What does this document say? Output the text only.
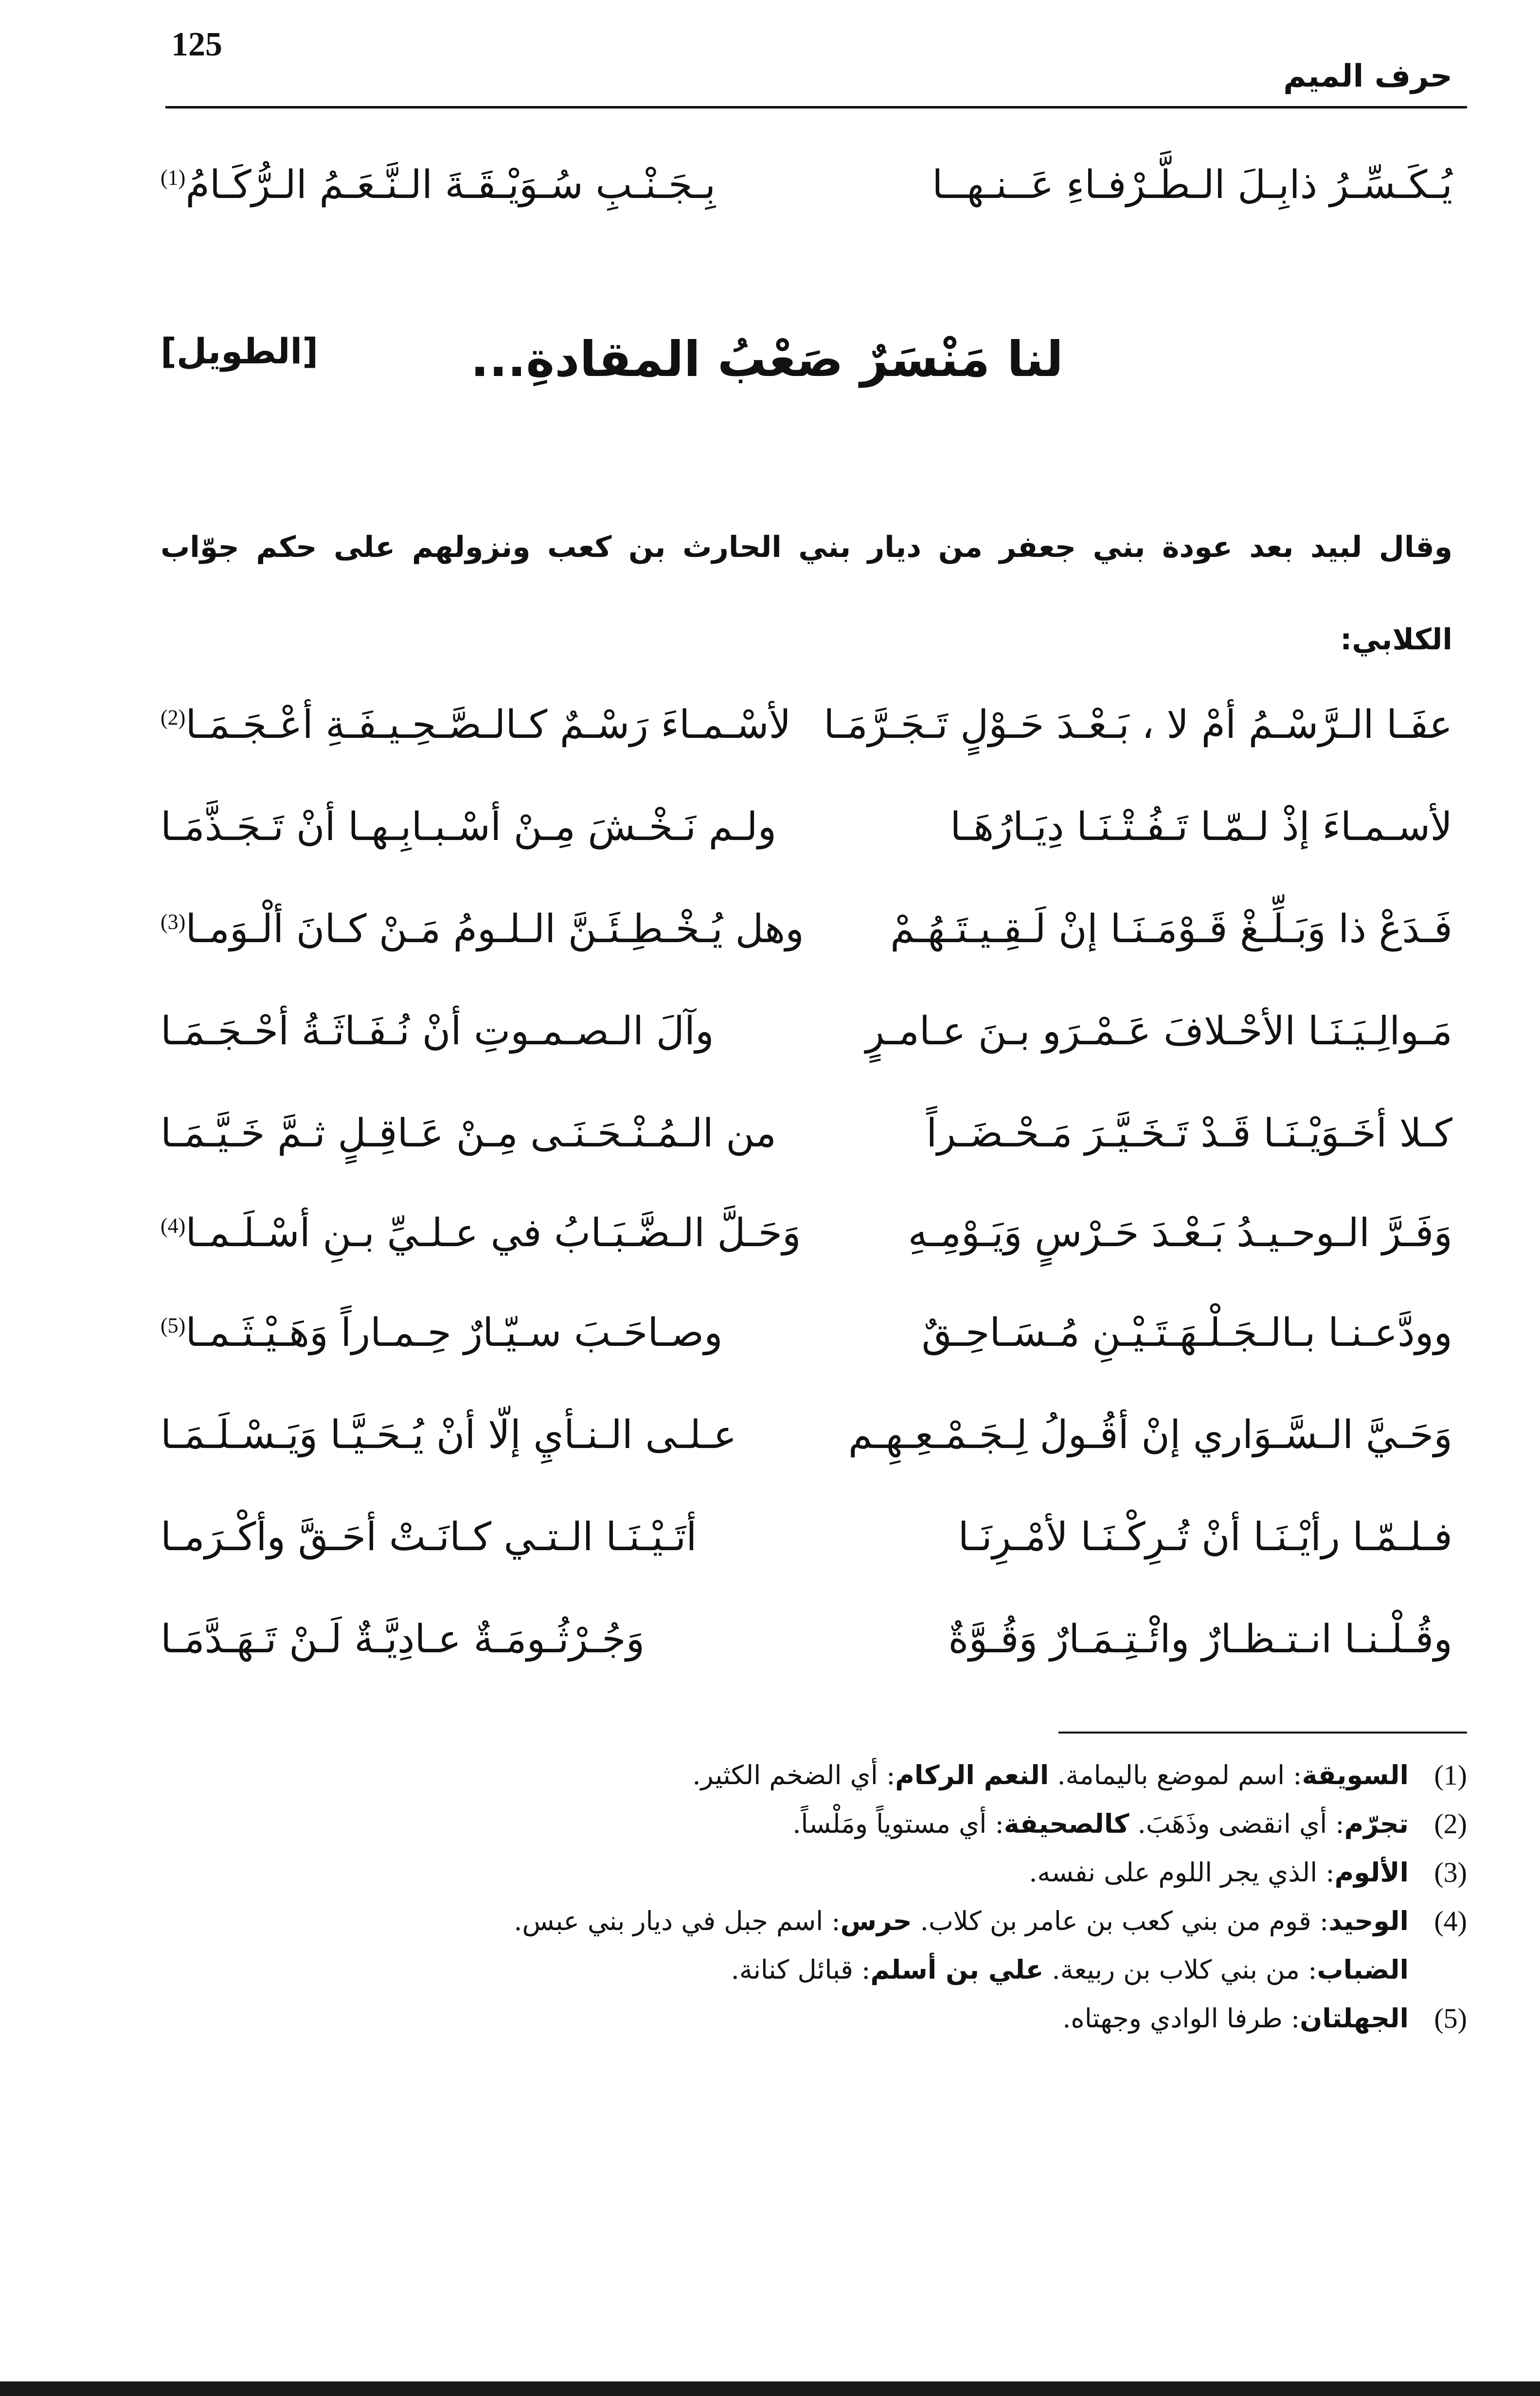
125
حرف الميم
يُـكَـسِّـرُ ذابِـلَ الـطَّـرْفـاءِ عَــنـهــا
بِـجَـنْـبِ سُـوَيْـقَـةَ الـنَّـعَـمُ الـرُّكَـامُ$^{(1)}$
لنا مَنْسَرٌ صَعْبُ المقادةِ...
[الطويل]
وقال لبيد بعد عودة بني جعفر من ديار بني الحارث بن كعب ونزولهم على حكم جوّاب الكلابي:
عفَـا الـرَّسْـمُ أمْ لا ، بَـعْـدَ حَـوْلٍ تَـجَـرَّمَـا
لأسْـمـاءَ رَسْـمٌ كـالـصَّـحِـيـفَـةِ أعْـجَـمَـا$^{(2)}$
لأسـمـاءَ إذْ لـمّـا تَـفُـتْـنَـا دِيَـارُهَـا
ولـم نَـخْـشَ مِـنْ أسْـبـابِـهـا أنْ تَـجَـذَّمَـا
فَـدَعْ ذا وَبَـلِّـغْ قَـوْمَـنَـا إنْ لَـقِـيـتَـهُـمْ
وهل يُـخْـطِـئَـنَّ الـلـومُ مَـنْ كـانَ ألْـوَمـا$^{(3)}$
مَـوالِـيَـنَـا الأحْـلافَ عَـمْـرَو بـنَ عـامـرٍ
وآلَ الـصـمـوتِ أنْ نُـفَـاثَـةُ أحْـجَـمَـا
كـلا أخَـوَيْـنَـا قَـدْ تَـخَـيَّـرَ مَـحْـضَـراً
من الـمُـنْـحَـنَـى مِـنْ عَـاقِـلٍ ثـمَّ خَـيَّـمَـا
وَفَـرَّ الـوحـيـدُ بَـعْـدَ حَـرْسٍ وَيَـوْمِـهِ
وَحَـلَّ الـضَّـبَـابُ في عـلـيِّ بـنِ أسْـلَـمـا$^{(4)}$
وودَّعـنـا بـالـجَـلْـهَـتَـيْـنِ مُـسَـاحِـقٌ
وصـاحَـبَ سـيّـارٌ حِـمـاراً وَهَـيْـثَـمـا$^{(5)}$
وَحَـيَّ الـسَّـوَاري إنْ أقُـولُ لِـجَـمْـعِـهِـم
عـلـى الـنـأيِ إلّا أنْ يُـحَـيَّـا وَيَـسْـلَـمَـا
فـلـمّـا رأيْـنَـا أنْ تُـرِكْـنَـا لأمْـرِنَـا
أتَـيْـنَـا الـتـي كـانَـتْ أحَـقَّ وأكْـرَمـا
وقُـلْـنـا انـتـظـارٌ وائْـتِـمَـارٌ وَقُـوَّةٌ
وَجُـرْثُـومَـةٌ عـادِيَّـةٌ لَـنْ تَـهَـدَّمَـا
(1)
السويقة: اسم لموضع باليمامة. النعم الركام: أي الضخم الكثير.
(2)
تجرّم: أي انقضى وذَهَبَ. كالصحيفة: أي مستوياً ومَلْساً.
(3)
الألوم: الذي يجر اللوم على نفسه.
(4)
الوحيد: قوم من بني كعب بن عامر بن كلاب. حرس: اسم جبل في ديار بني عبس.
الضباب: من بني كلاب بن ربيعة. علي بن أسلم: قبائل كنانة.
(5)
الجهلتان: طرفا الوادي وجهتاه.
